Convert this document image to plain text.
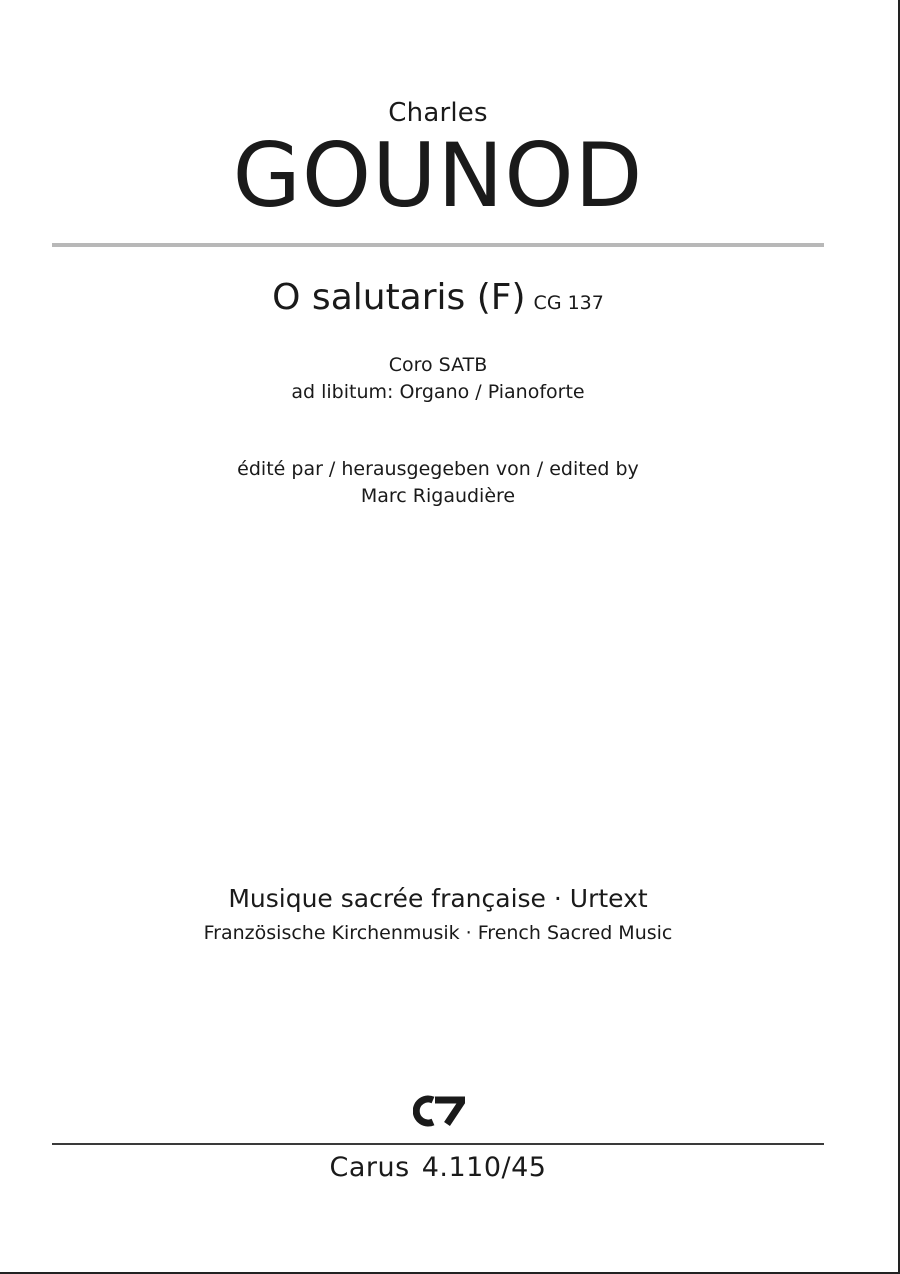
Charles
GOUNOD
O salutaris (F) CG 137
Coro SATB
ad libitum: Organo / Pianoforte
édité par / herausgegeben von / edited by
Marc Rigaudière
Musique sacrée française · Urtext
Französische Kirchenmusik · French Sacred Music
Carus 4.110/45
